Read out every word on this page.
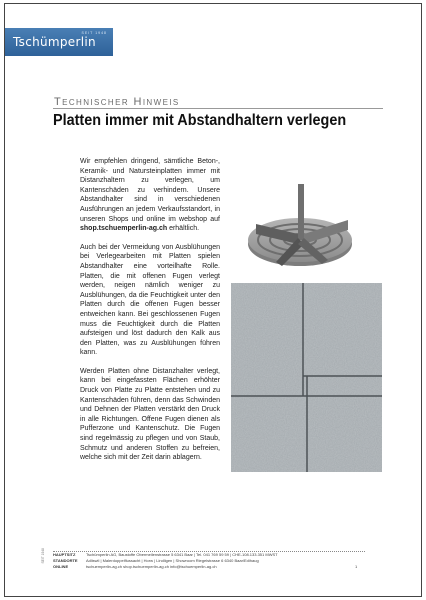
SEIT 1948
Tschümperlin
Technischer Hinweis
Platten immer mit Abstandhaltern verlegen

Wir empfehlen dringend, sämtliche Beton-, Keramik- und Natursteinplatten immer mit Distanzhaltern zu verlegen, um Kantenschäden zu verhindern. Unsere Abstandhalter sind in verschiedenen Ausführungen an jedem Verkaufsstandort, in unseren Shops und online im webshop auf shop.tschuemperlin-ag.ch erhältlich.

Auch bei der Vermeidung von Ausblühungen bei Verlegearbeiten mit Platten spielen Abstandhalter eine vorteilhafte Rolle. Platten, die mit offenen Fugen verlegt werden, neigen nämlich weniger zu Ausblühungen, da die Feuchtigkeit unter den Platten durch die offenen Fugen besser entweichen kann. Bei geschlossenen Fugen muss die Feuchtigkeit durch die Platten aufsteigen und löst dadurch den Kalk aus den Platten, was zu Ausblühungen führen kann.

Werden Platten ohne Distanzhalter verlegt, kann bei eingefassten Flächen erhöhter Druck von Platte zu Platte entstehen und zu Kantenschäden führen, denn das Schwinden und Dehnen der Platten verstärkt den Druck in alle Richtungen. Offene Fugen dienen als Pufferzone und Kantenschutz. Die Fugen sind regelmässig zu pflegen und von Staub, Schmutz und anderen Stoffen zu befreien, welche sich mit der Zeit darin ablagern.

SEIT 1948	HAUPTSITZ
STANDORTE
ONLINE
Tschümperlin AG, Baustoffe Obermeilenstrasse 5 6341 Baar | Tel. 041 769 59 59 | CHE-108.133.351 MWST
Adliswil | Malerdoppelflussacht | Horw | Lindligen | Showroom Riegelstrasse 6 6340 Baar/Edihaug
tschuemperlin-ag.ch shop.tschuemperlin-ag.ch info@tschuemperlin-ag.ch	1
